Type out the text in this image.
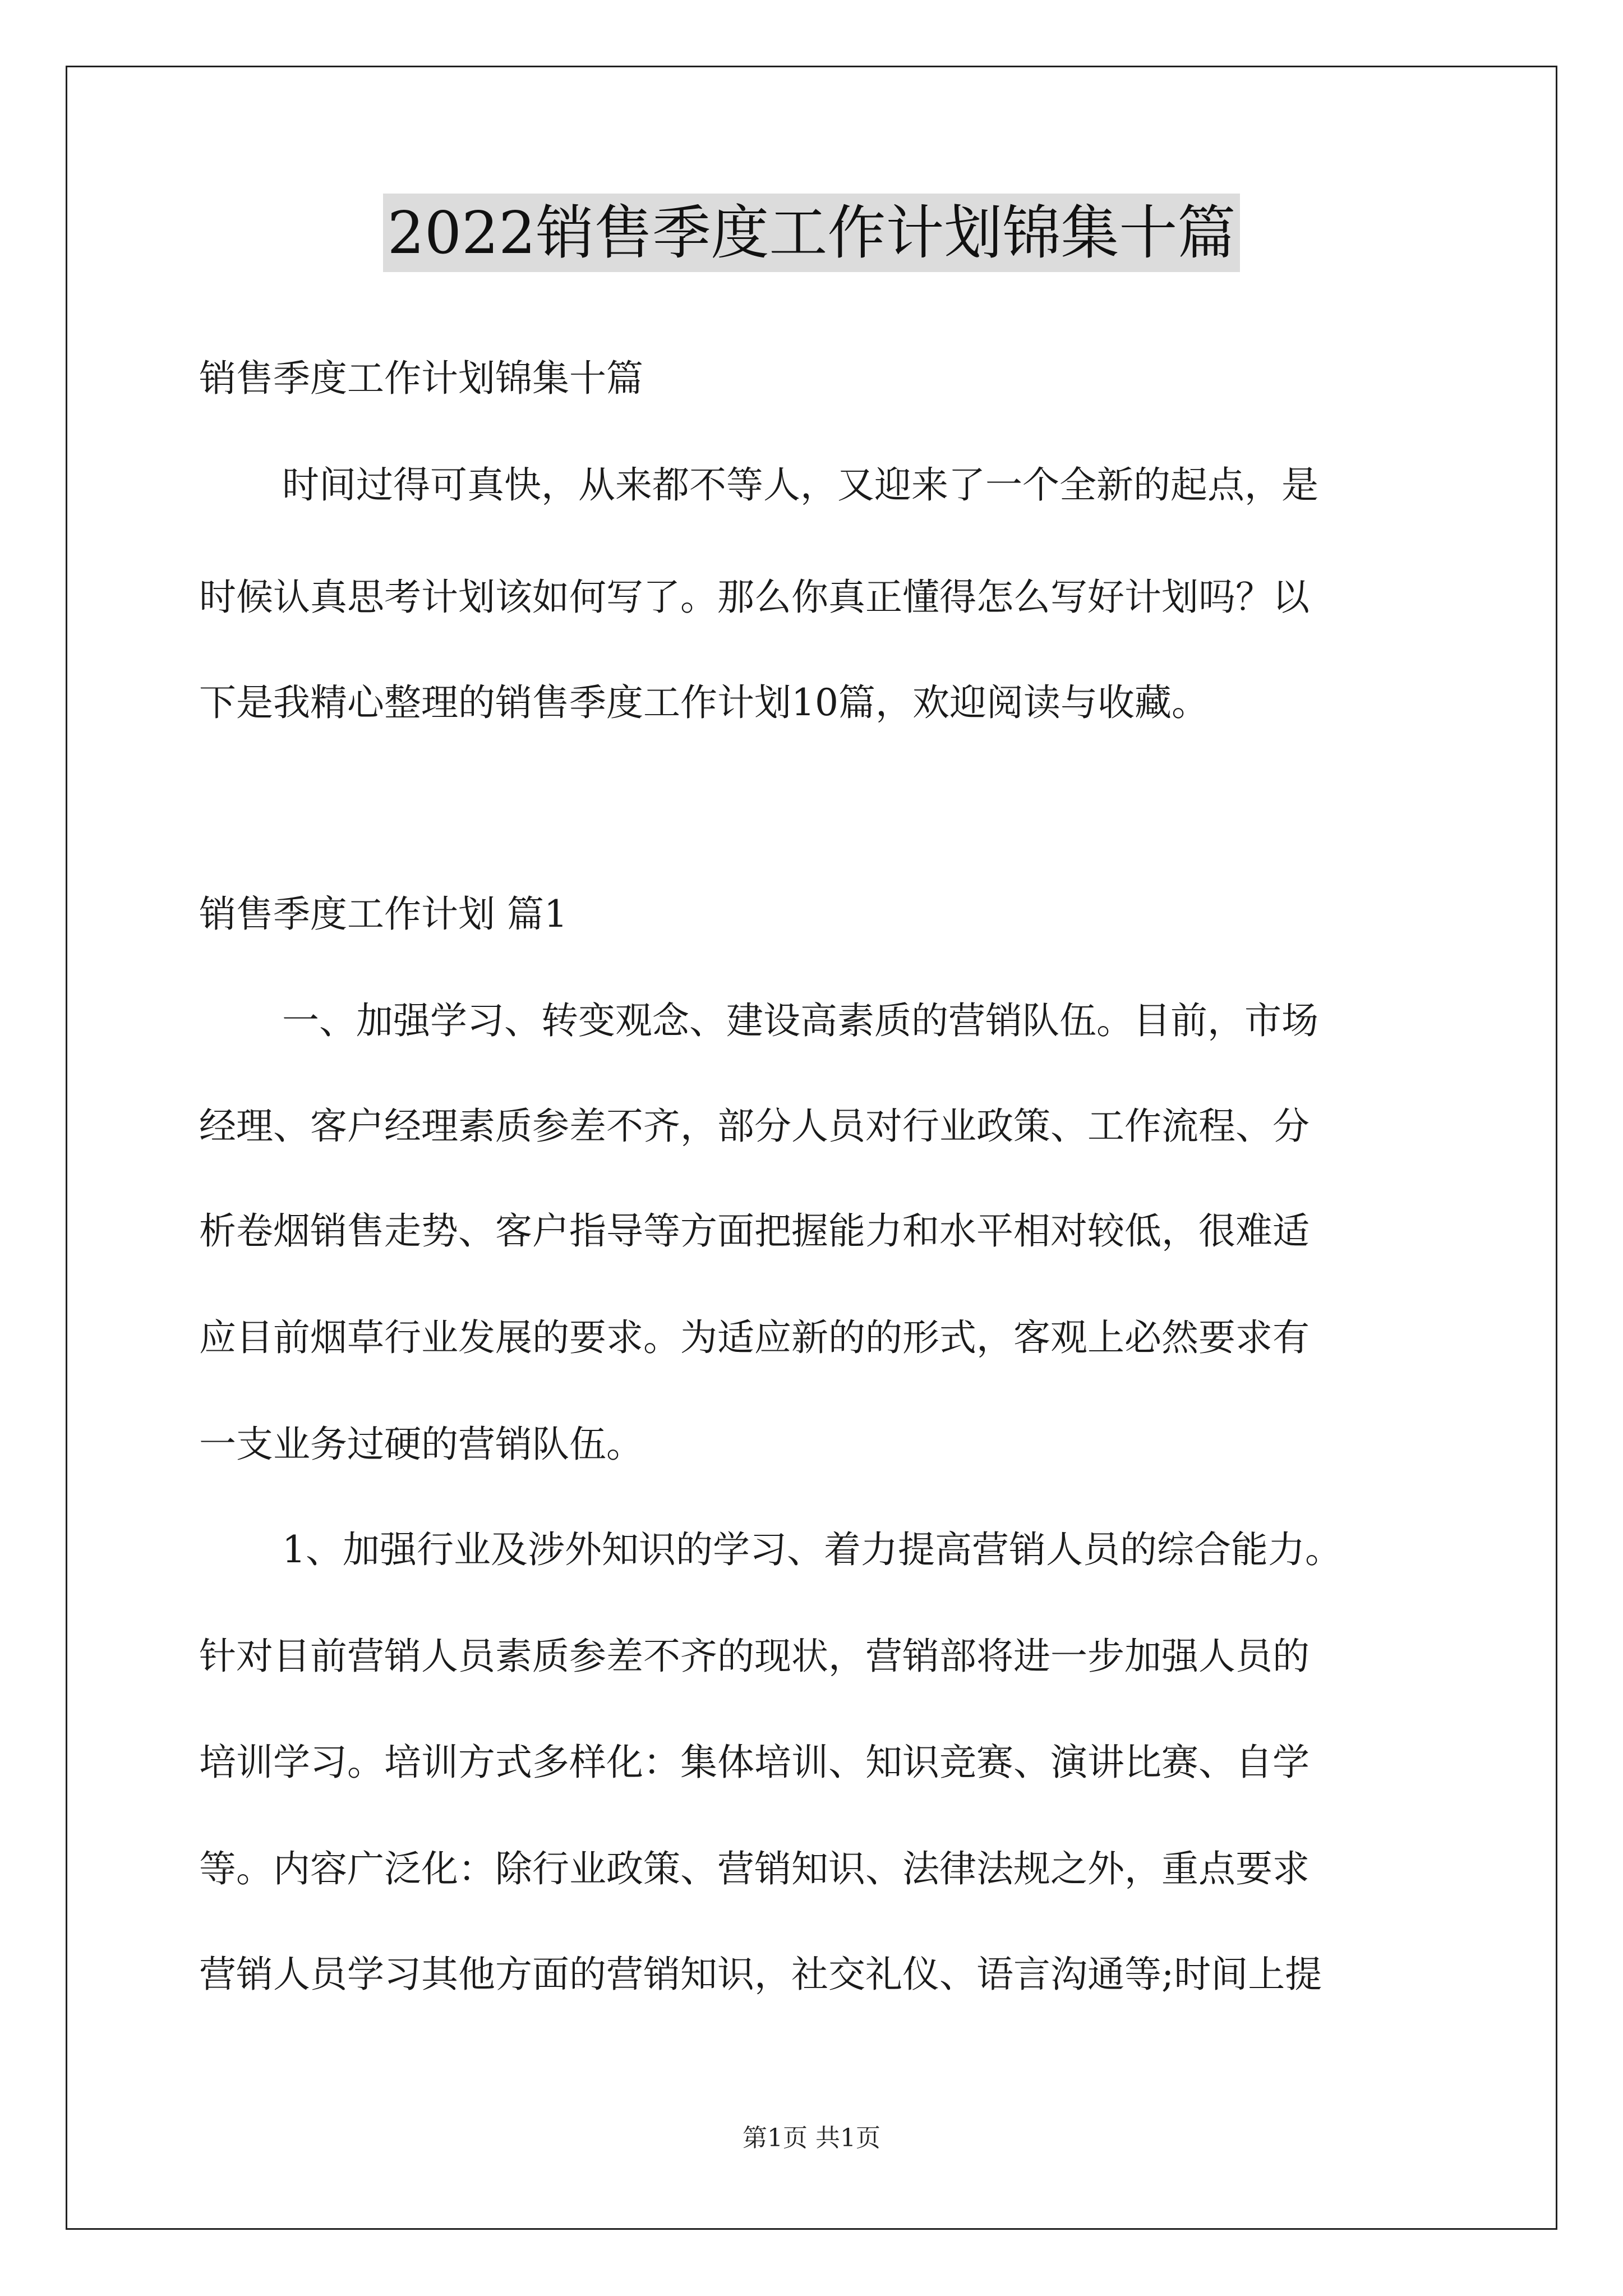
2022销售季度工作计划锦集十篇
销售季度工作计划锦集十篇
时间过得可真快，从来都不等人，又迎来了一个全新的起点，是
时候认真思考计划该如何写了。那么你真正懂得怎么写好计划吗？以
下是我精心整理的销售季度工作计划10篇，欢迎阅读与收藏。
销售季度工作计划 篇1
一、加强学习、转变观念、建设高素质的营销队伍。目前，市场
经理、客户经理素质参差不齐，部分人员对行业政策、工作流程、分
析卷烟销售走势、客户指导等方面把握能力和水平相对较低，很难适
应目前烟草行业发展的要求。为适应新的的形式，客观上必然要求有
一支业务过硬的营销队伍。
1、加强行业及涉外知识的学习、着力提高营销人员的综合能力。
针对目前营销人员素质参差不齐的现状，营销部将进一步加强人员的
培训学习。培训方式多样化：集体培训、知识竞赛、演讲比赛、自学
等。内容广泛化：除行业政策、营销知识、法律法规之外，重点要求
营销人员学习其他方面的营销知识，社交礼仪、语言沟通等;时间上提
第1页 共1页
